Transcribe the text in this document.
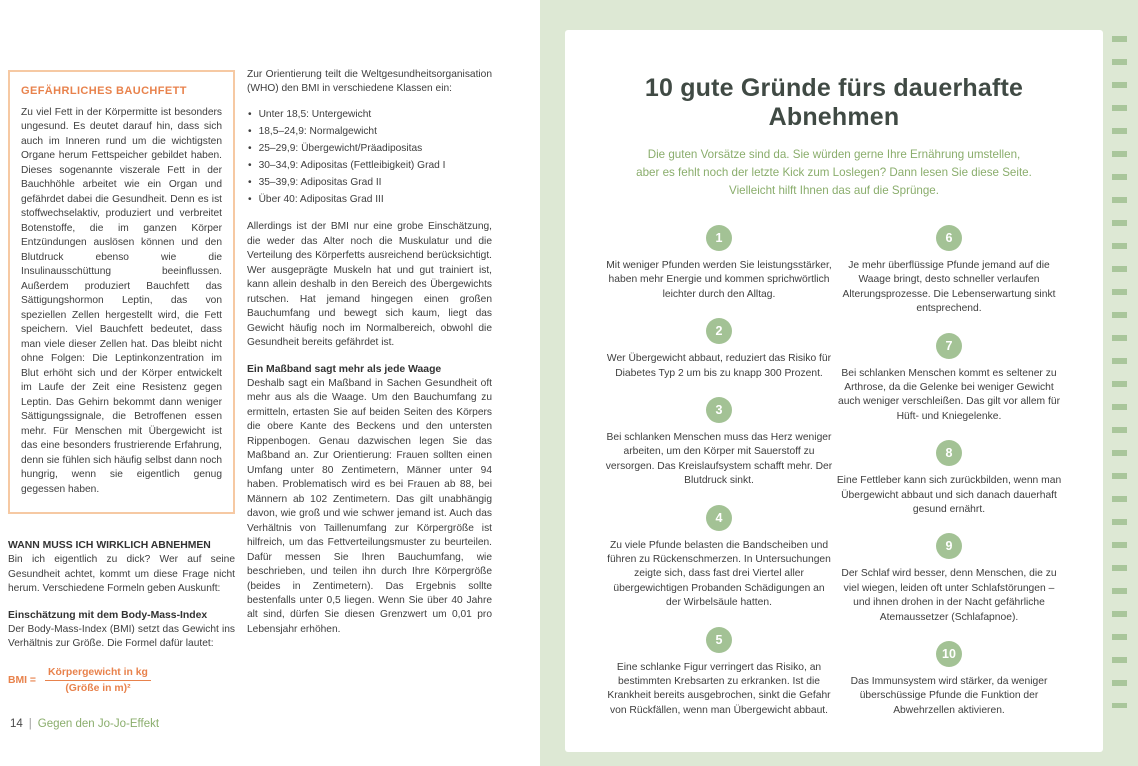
GEFÄHRLICHES BAUCHFETT

Zu viel Fett in der Körpermitte ist besonders ungesund. Es deutet darauf hin, dass sich auch im Inneren rund um die wichtigsten Organe herum Fettspeicher gebildet haben. Dieses sogenannte viszerale Fett in der Bauchhöhle arbeitet wie ein Organ und gefährdet dabei die Gesundheit. Denn es ist stoffwechselaktiv, produziert und verbreitet Botenstoffe, die im ganzen Körper Entzündungen auslösen können und den Blutdruck ebenso wie die Insulinausschüttung beeinflussen. Außerdem produziert Bauchfett das Sättigungshormon Leptin, das von speziellen Zellen hergestellt wird, die Fett speichern. Viel Bauchfett bedeutet, dass man viele dieser Zellen hat. Das bleibt nicht ohne Folgen: Die Leptinkonzentration im Blut erhöht sich und der Körper entwickelt im Laufe der Zeit eine Resistenz gegen Leptin. Das Gehirn bekommt dann weniger Sättigungssignale, die Betroffenen essen mehr. Für Menschen mit Übergewicht ist das eine besonders frustrierende Erfahrung, denn sie fühlen sich häufig selbst dann noch hungrig, wenn sie eigentlich genug gegessen haben.

WANN MUSS ICH WIRKLICH ABNEHMEN

Bin ich eigentlich zu dick? Wer auf seine Gesundheit achtet, kommt um diese Frage nicht herum. Verschiedene Formeln geben Auskunft:

Einschätzung mit dem Body-Mass-Index

Der Body-Mass-Index (BMI) setzt das Gewicht ins Verhältnis zur Größe. Die Formel dafür lautet:

BMI = $\frac{\text{Körpergewicht in kg}}{\text{(Größe in m)²}}$

Zur Orientierung teilt die Weltgesundheitsorganisation (WHO) den BMI in verschiedene Klassen ein:

• Unter 18,5: Untergewicht
• 18,5–24,9: Normalgewicht
• 25–29,9: Übergewicht/Präadipositas
• 30–34,9: Adipositas (Fettleibigkeit) Grad I
• 35–39,9: Adipositas Grad II
• Über 40: Adipositas Grad III

Allerdings ist der BMI nur eine grobe Einschätzung, die weder das Alter noch die Muskulatur und die Verteilung des Körperfetts ausreichend berücksichtigt. Wer ausgeprägte Muskeln hat und gut trainiert ist, kann allein deshalb in den Bereich des Übergewichts rutschen. Hat jemand hingegen einen großen Bauchumfang und bewegt sich kaum, liegt das Gewicht häufig noch im Normalbereich, obwohl die Gesundheit bereits gefährdet ist.

Ein Maßband sagt mehr als jede Waage

Deshalb sagt ein Maßband in Sachen Gesundheit oft mehr aus als die Waage. Um den Bauchumfang zu ermitteln, ertasten Sie auf beiden Seiten des Körpers die obere Kante des Beckens und den untersten Rippenbogen. Genau dazwischen legen Sie das Maßband an. Zur Orientierung: Frauen sollten einen Umfang unter 80 Zentimetern, Männer unter 94 haben. Problematisch wird es bei Frauen ab 88, bei Männern ab 102 Zentimetern. Das gilt unabhängig davon, wie groß und wie schwer jemand ist. Auch das Verhältnis von Taillenumfang zur Körpergröße ist hilfreich, um das Fettverteilungsmuster zu beurteilen. Dafür messen Sie Ihren Bauchumfang, wie beschrieben, und teilen ihn durch Ihre Körpergröße (beides in Zentimetern). Das Ergebnis sollte bestenfalls unter 0,5 liegen. Wenn Sie über 40 Jahre alt sind, dürfen Sie diesen Grenzwert um 0,01 pro Lebensjahr erhöhen.

14 | Gegen den Jo-Jo-Effekt
10 gute Gründe fürs dauerhafte Abnehmen
Die guten Vorsätze sind da. Sie würden gerne Ihre Ernährung umstellen,
aber es fehlt noch der letzte Kick zum Loslegen? Dann lesen Sie diese Seite.
Vielleicht hilft Ihnen das auf die Sprünge.
1

Mit weniger Pfunden werden Sie leistungsstärker, haben mehr Energie und kommen sprichwörtlich leichter durch den Alltag.

2

Wer Übergewicht abbaut, reduziert das Risiko für Diabetes Typ 2 um bis zu knapp 300 Prozent.

3

Bei schlanken Menschen muss das Herz weniger arbeiten, um den Körper mit Sauerstoff zu versorgen. Das Kreislaufsystem schafft mehr. Der Blutdruck sinkt.

4

Zu viele Pfunde belasten die Bandscheiben und führen zu Rückenschmerzen. In Untersuchungen zeigte sich, dass fast drei Viertel aller übergewichtigen Probanden Schädigungen an der Wirbelsäule hatten.

5

Eine schlanke Figur verringert das Risiko, an bestimmten Krebsarten zu erkranken. Ist die Krankheit bereits ausgebrochen, sinkt die Gefahr von Rückfällen, wenn man Übergewicht abbaut.

6

Je mehr überflüssige Pfunde jemand auf die Waage bringt, desto schneller verlaufen Alterungsprozesse. Die Lebenserwartung sinkt entsprechend.

7

Bei schlanken Menschen kommt es seltener zu Arthrose, da die Gelenke bei weniger Gewicht auch weniger verschleißen. Das gilt vor allem für Hüft- und Kniegelenke.

8

Eine Fettleber kann sich zurückbilden, wenn man Übergewicht abbaut und sich danach dauerhaft gesund ernährt.

9

Der Schlaf wird besser, denn Menschen, die zu viel wiegen, leiden oft unter Schlafstörungen – und ihnen drohen in der Nacht gefährliche Atemaussetzer (Schlafapnoe).

10

Das Immunsystem wird stärker, da weniger überschüssige Pfunde die Funktion der Abwehrzellen aktivieren.
